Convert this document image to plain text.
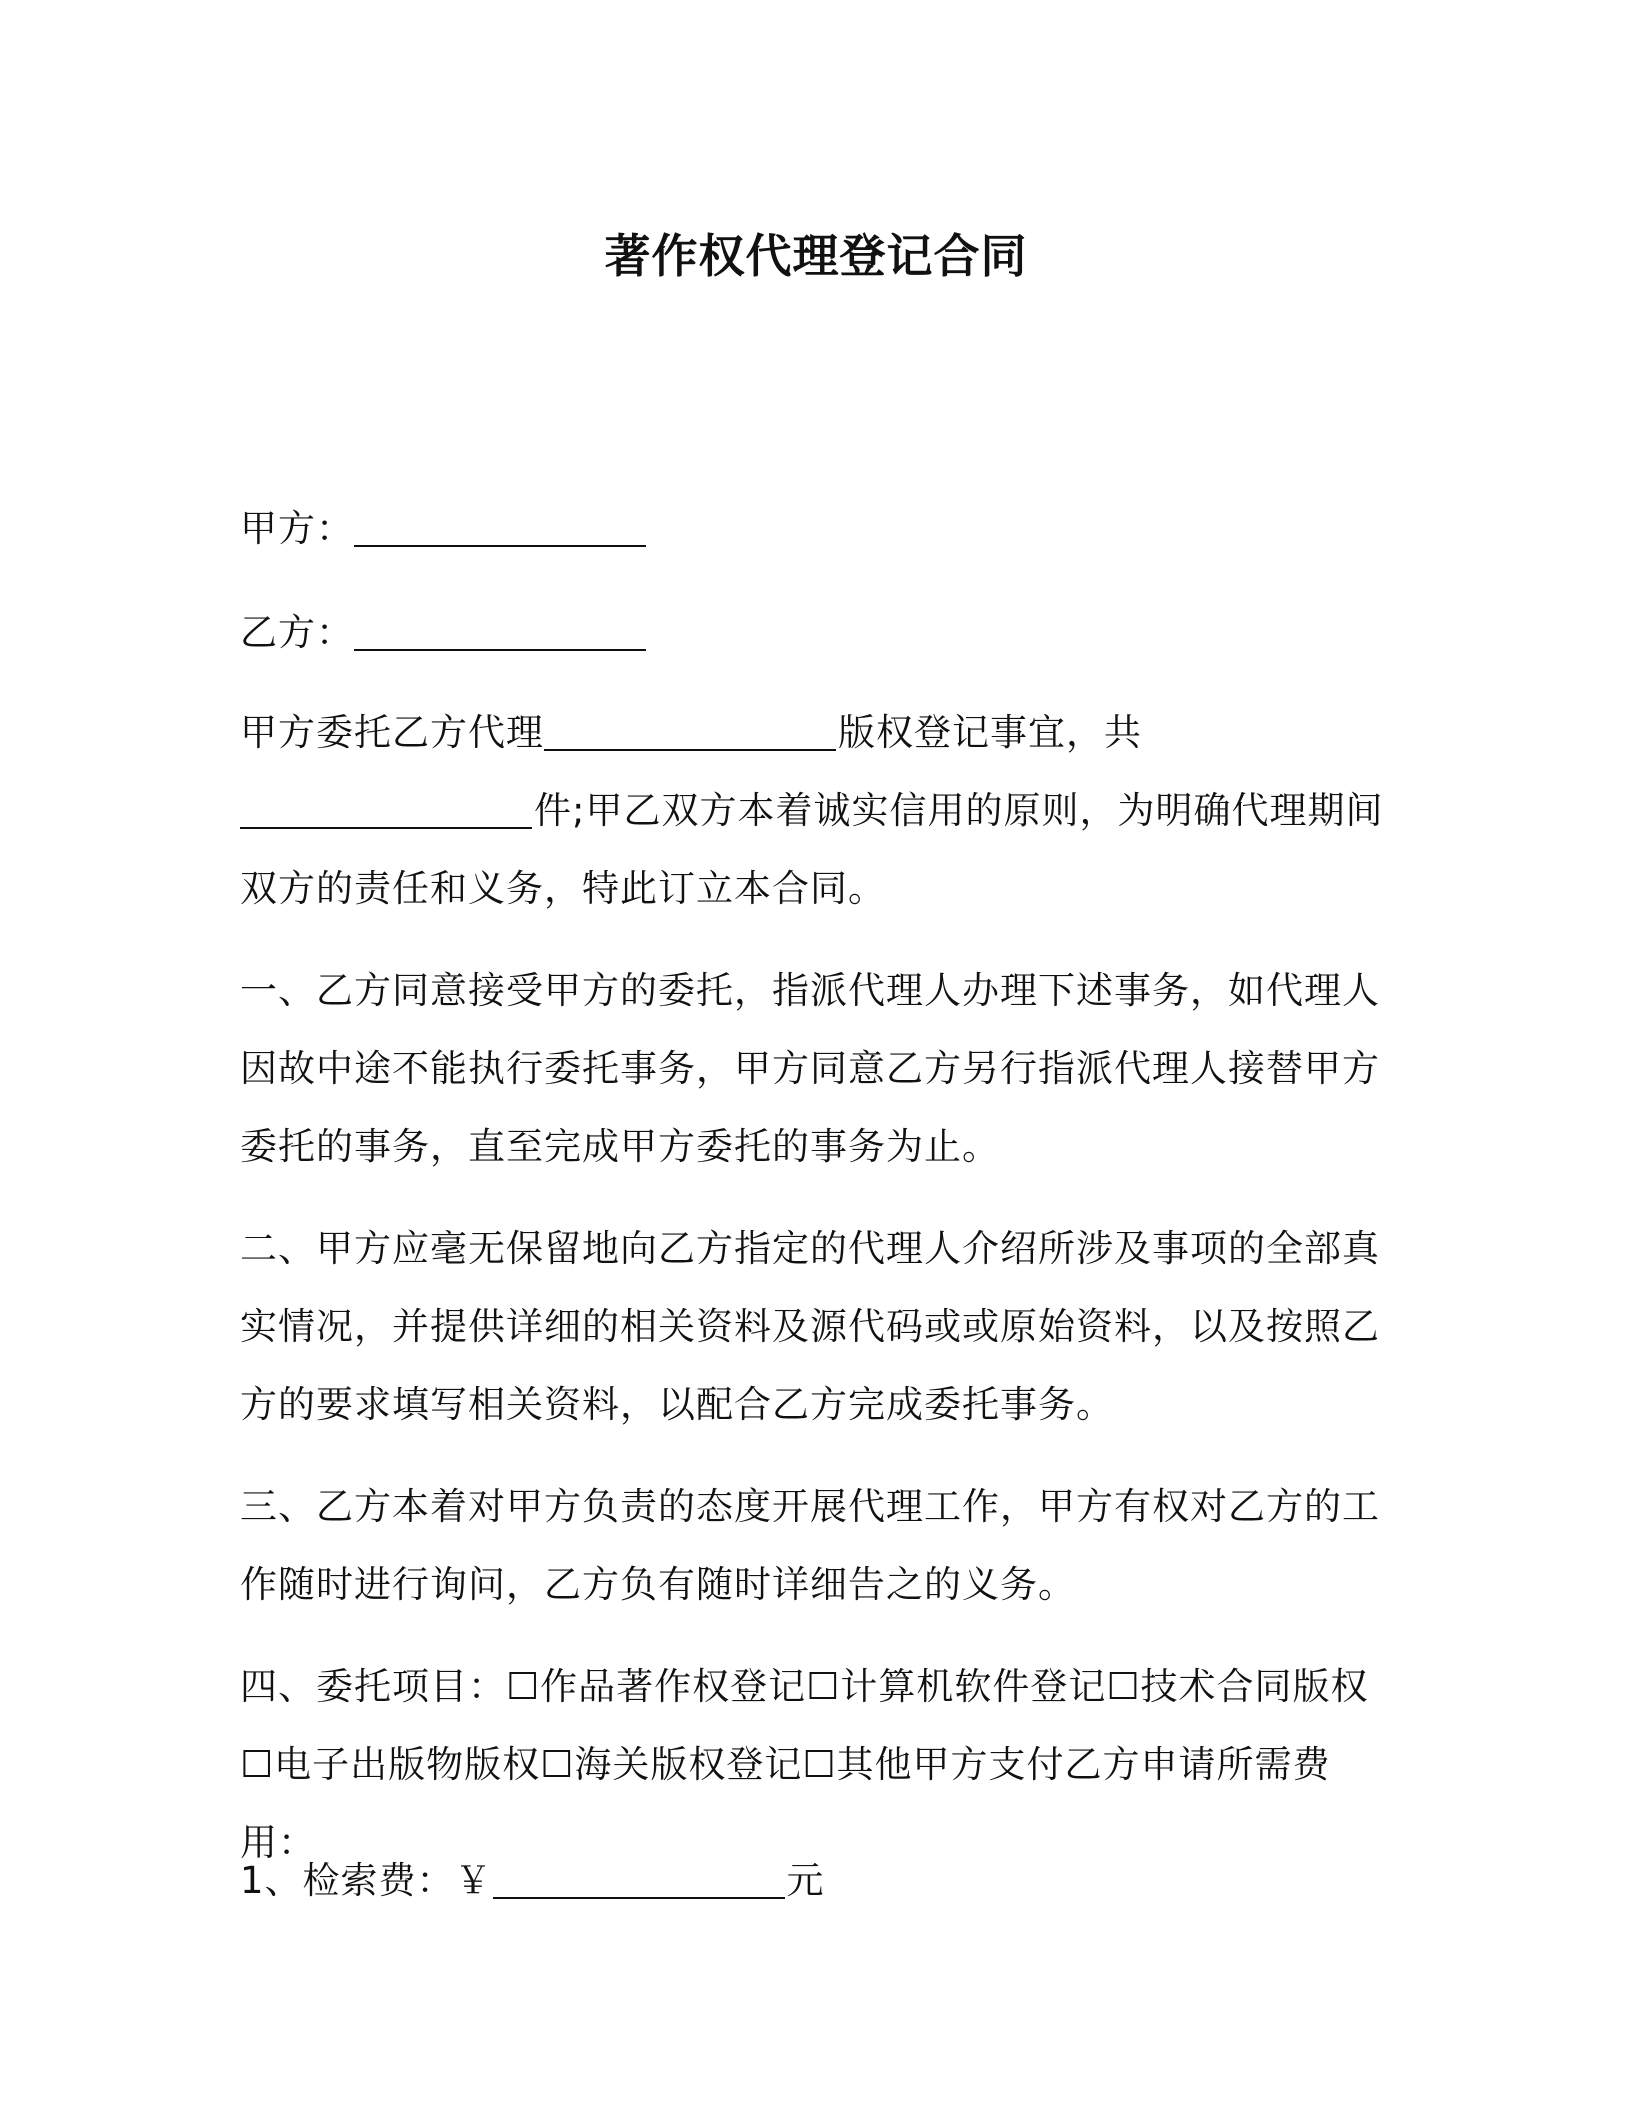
著作权代理登记合同
甲方：
乙方：
甲方委托乙方代理	版权登记事宜，共件;甲乙双方本着诚实信用的原则，为明确代理期间双方的责任和义务，特此订立本合同。
一、乙方同意接受甲方的委托，指派代理人办理下述事务，如代理人因故中途不能执行委托事务，甲方同意乙方另行指派代理人接替甲方委托的事务，直至完成甲方委托的事务为止。
二、甲方应毫无保留地向乙方指定的代理人介绍所涉及事项的全部真实情况，并提供详细的相关资料及源代码或或原始资料，以及按照乙方的要求填写相关资料，以配合乙方完成委托事务。
三、乙方本着对甲方负责的态度开展代理工作，甲方有权对乙方的工作随时进行询问，乙方负有随时详细告之的义务。
四、委托项目：☐作品著作权登记☐计算机软件登记☐技术合同版权☐电子出版物版权☐海关版权登记☐其他甲方支付乙方申请所需费用：
1、检索费：￥	元
